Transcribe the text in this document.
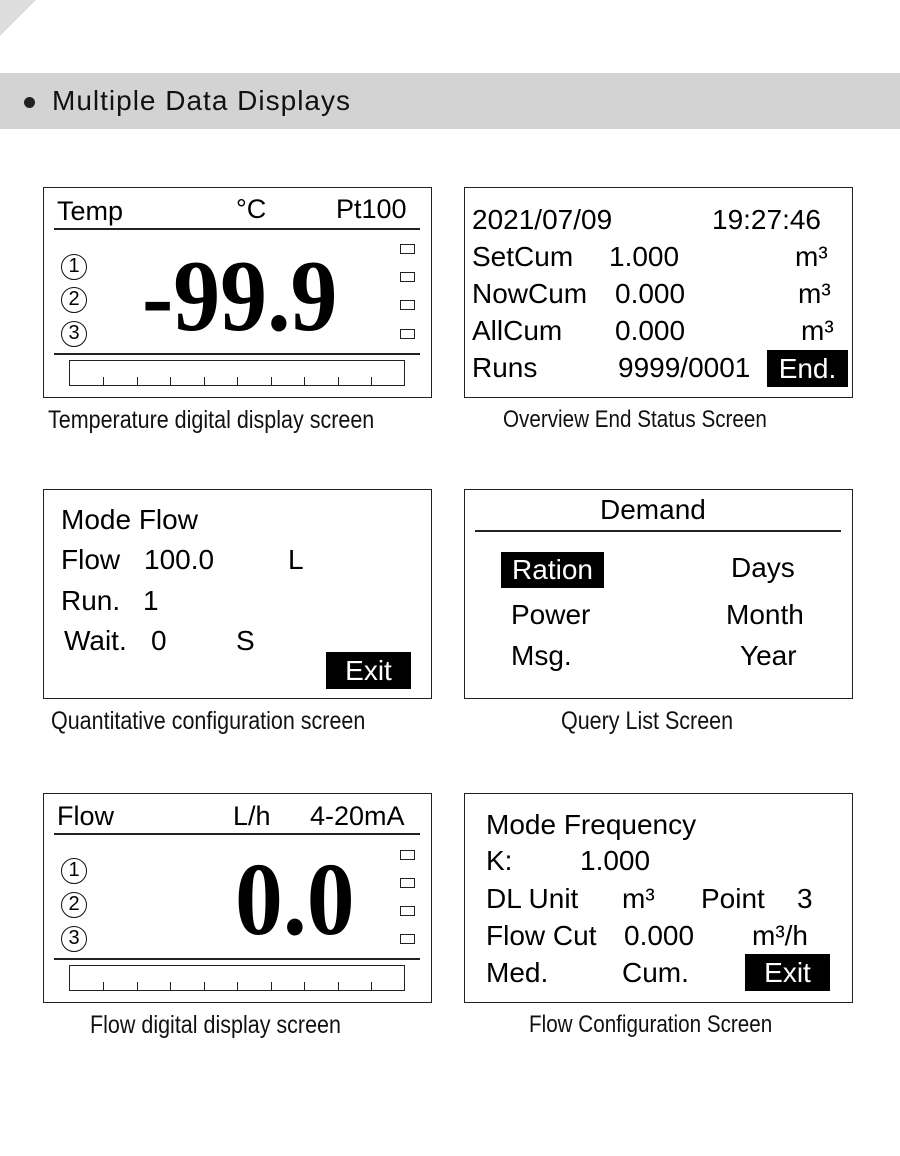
Multiple Data Displays
Temp	°C	Pt100
1
2
3 -99.9
Temperature digital display screen
2021/07/09	19:27:46
SetCum 1.000	m³
NowCum 0.000	m³
AllCum 0.000	m³
Runs	9999/0001	End.
Overview End Status Screen
Mode Flow
Flow 100.0	L
Run. 1
Wait. 0 S
Exit
Quantitative configuration screen
Demand
Ration	Days
Power	Month
Msg.	Year
Query List Screen
Flow	L/h 4-20mA
1
2
3 0.0
Flow digital display screen
Mode Frequency
K: 1.000
DL Unit m³ Point 3
Flow Cut 0.000 m³/h
Med.	Cum.	Exit
Flow Configuration Screen
